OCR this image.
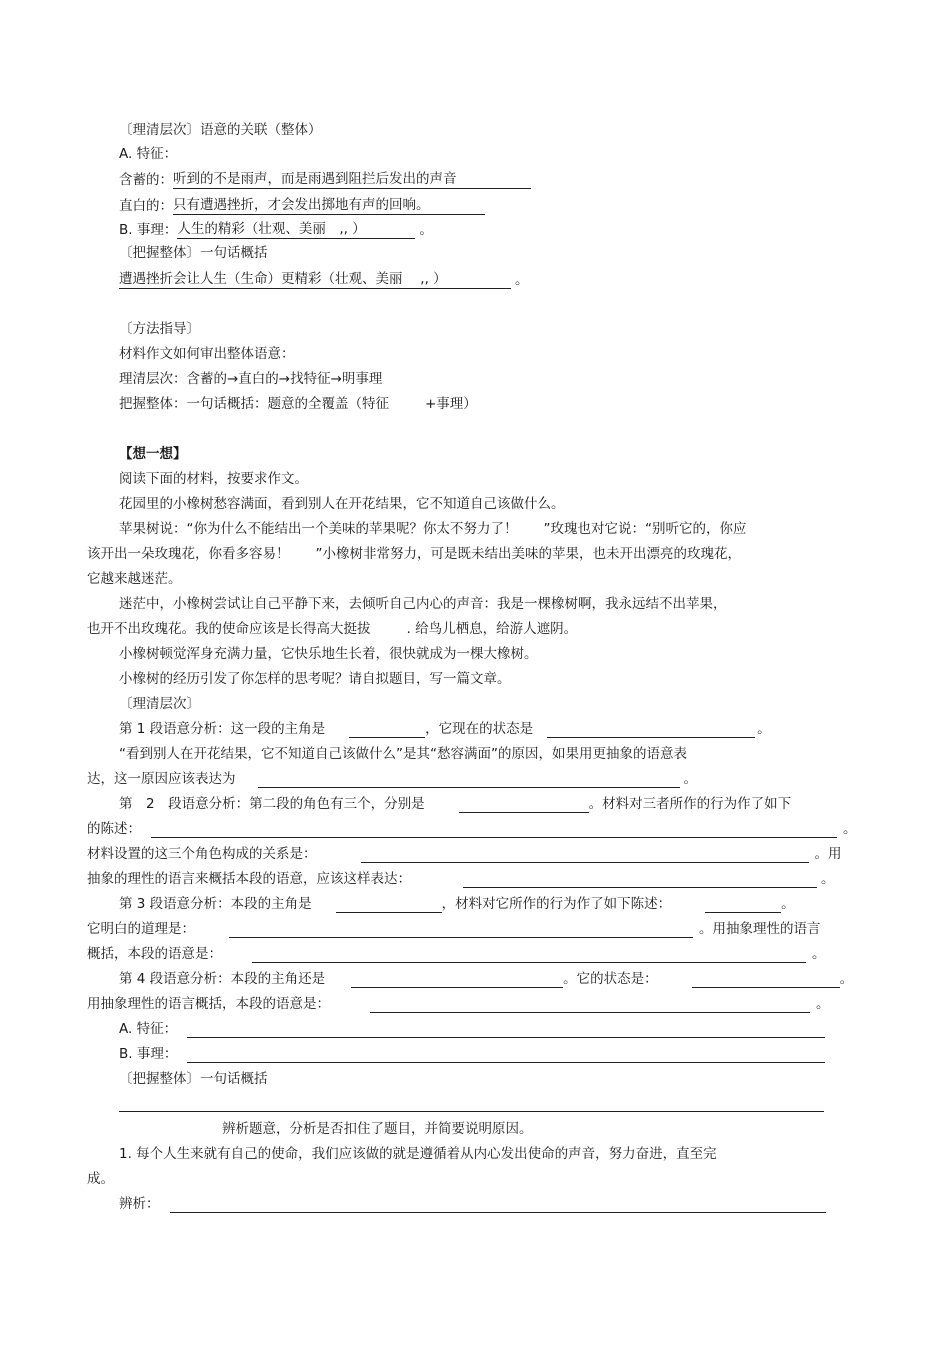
〔理清层次〕语意的关联（整体）
A. 特征：
含蓄的：听到的不是雨声，而是雨遇到阻拦后发出的声音
直白的：只有遭遇挫折，才会发出掷地有声的回响。
B. 事理：人生的精彩（壮观、美丽　,, ）	。
〔把握整体〕一句话概括
遭遇挫折会让人生（生命）更精彩（壮观、美丽　 ,, ）	。
〔方法指导〕
材料作文如何审出整体语意：
理清层次：含蓄的→直白的→找特征→明事理
把握整体：一句话概括：题意的全覆盖（特征	+事理）
【想一想】
阅读下面的材料，按要求作文。
花园里的小橡树愁容满面，看到别人在开花结果，它不知道自己该做什么。
苹果树说：“你为什么不能结出一个美味的苹果呢？你太不努力了！ ”玫瑰也对它说：“别听它的，你应
该开出一朵玫瑰花，你看多容易！ ”小橡树非常努力，可是既未结出美味的苹果，也未开出漂亮的玫瑰花，
它越来越迷茫。
迷茫中，小橡树尝试让自己平静下来，去倾听自己内心的声音：我是一棵橡树啊，我永远结不出苹果，
也开不出玫瑰花。我的使命应该是长得高大挺拔	. 给鸟儿栖息，给游人遮阴。
小橡树顿觉浑身充满力量，它快乐地生长着，很快就成为一棵大橡树。
小橡树的经历引发了你怎样的思考呢？请自拟题目，写一篇文章。
〔理清层次〕
第 1 段语意分析：这一段的主角是	，它现在的状态是	。
“看到别人在开花结果，它不知道自己该做什么”是其“愁容满面”的原因，如果用更抽象的语意表
达，这一原因应该表达为	。
第　2　段语意分析：第二段的角色有三个，分别是	。材料对三者所作的行为作了如下
的陈述：	。
材料设置的这三个角色构成的关系是：	。用
抽象的理性的语言来概括本段的语意，应该这样表达：	。
第 3 段语意分析：本段的主角是	，材料对它所作的行为作了如下陈述：	。
它明白的道理是：	。用抽象理性的语言
概括，本段的语意是：	。
第 4 段语意分析：本段的主角还是	。它的状态是：	。
用抽象理性的语言概括，本段的语意是：	。
A. 特征：
B. 事理：
〔把握整体〕一句话概括
辨析题意，分析是否扣住了题目，并简要说明原因。
1. 每个人生来就有自己的使命，我们应该做的就是遵循着从内心发出使命的声音，努力奋进，直至完
成。
辨析：
